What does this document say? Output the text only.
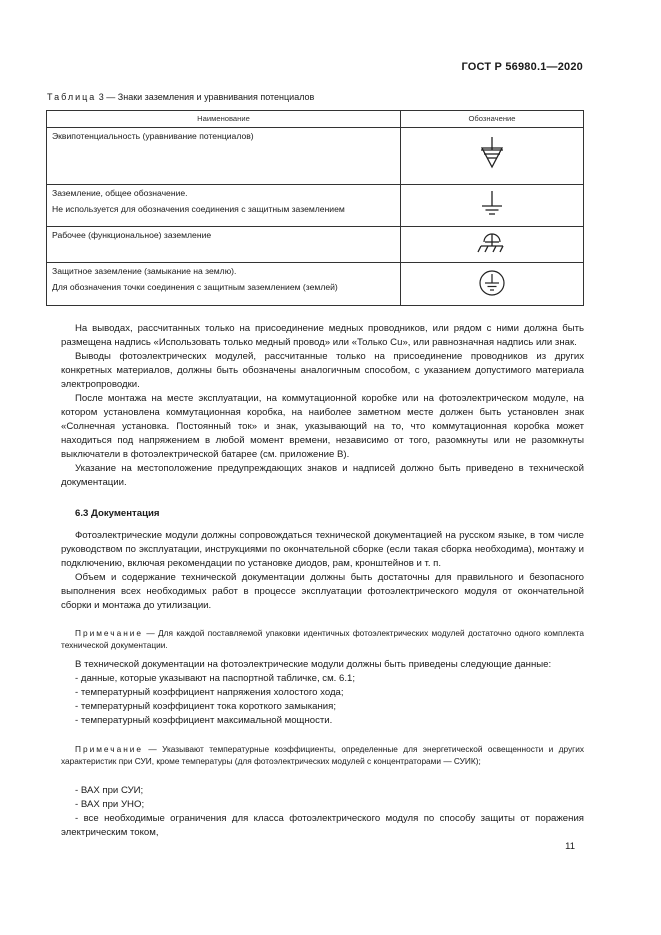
ГОСТ Р 56980.1—2020
Таблица 3 — Знаки заземления и уравнивания потенциалов
Наименование	Обозначение

Эквипотенциальность (уравнивание потенциалов)

Заземление, общее обозначение.
Не используется для обозначения соединения с защитным заземлением

Рабочее (функциональное) заземление

Защитное заземление (замыкание на землю).
Для обозначения точки соединения с защитным заземлением (землей)

На выводах, рассчитанных только на присоединение медных проводников, или рядом с ними должна быть размещена надпись «Использовать только медный провод» или «Только Cu», или равнозначная надпись или знак.

Выводы фотоэлектрических модулей, рассчитанные только на присоединение проводников из других конкретных материалов, должны быть обозначены аналогичным способом, с указанием допустимого материала электропроводки.

После монтажа на месте эксплуатации, на коммутационной коробке или на фотоэлектрическом модуле, на котором установлена коммутационная коробка, на наиболее заметном месте должен быть установлен знак «Солнечная установка. Постоянный ток» и знак, указывающий на то, что коммутационная коробка может находиться под напряжением в любой момент времени, независимо от того, разомкнуты или не разомкнуты выключатели в фотоэлектрической батарее (см. приложение В).

Указание на местоположение предупреждающих знаков и надписей должно быть приведено в технической документации.

6.3 Документация

Фотоэлектрические модули должны сопровождаться технической документацией на русском языке, в том числе руководством по эксплуатации, инструкциями по окончательной сборке (если такая сборка необходима), монтажу и подключению, включая рекомендации по установке диодов, рам, кронштейнов и т. п.

Объем и содержание технической документации должны быть достаточны для правильного и безопасного выполнения всех необходимых работ в процессе эксплуатации фотоэлектрического модуля от окончательной сборки и монтажа до утилизации.

Примечание — Для каждой поставляемой упаковки идентичных фотоэлектрических модулей достаточно одного комплекта технической документации.

В технической документации на фотоэлектрические модули должны быть приведены следующие данные:

- данные, которые указывают на паспортной табличке, см. 6.1;
- температурный коэффициент напряжения холостого хода;
- температурный коэффициент тока короткого замыкания;
- температурный коэффициент максимальной мощности.
Примечание — Указывают температурные коэффициенты, определенные для энергетической освещенности и других характеристик при СУИ, кроме температуры (для фотоэлектрических модулей с концентраторами — СУИК);
- ВАХ при СУИ;
- ВАХ при УНО;

- все необходимые ограничения для класса фотоэлектрического модуля по способу защиты от поражения электрическим током,

11
